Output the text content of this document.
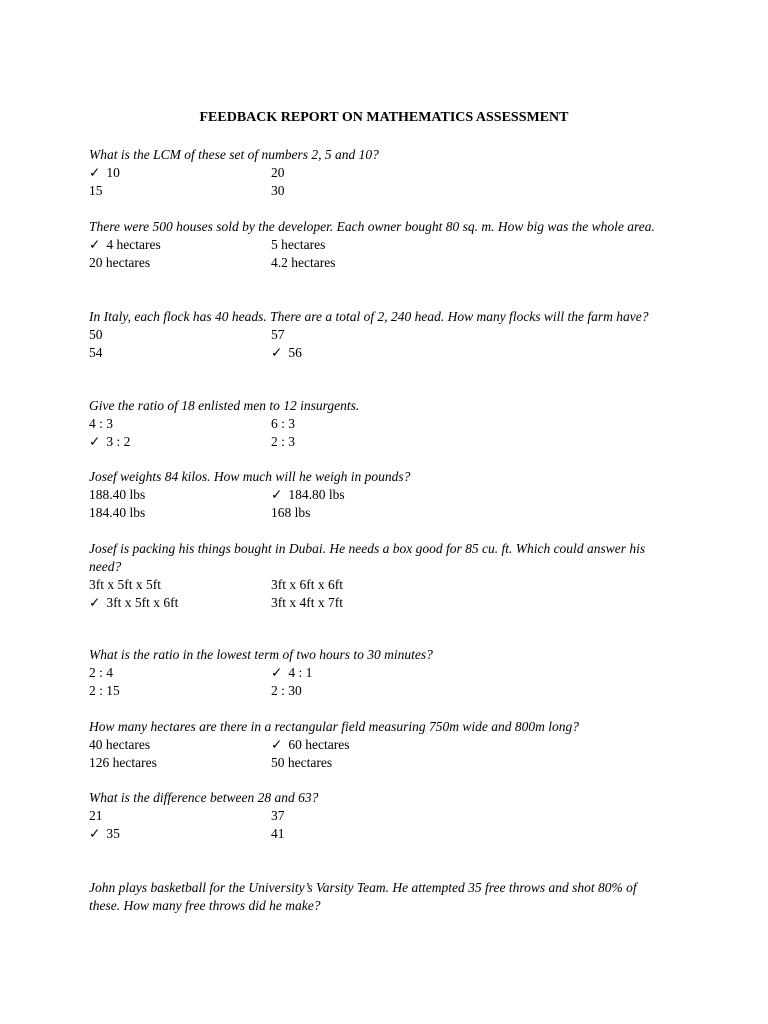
FEEDBACK REPORT ON MATHEMATICS ASSESSMENT
What is the LCM of these set of numbers 2, 5 and 10?
✓ 10	20
15	30
There were 500 houses sold by the developer. Each owner bought 80 sq. m. How big was the whole area.
✓ 4 hectares	5 hectares
20 hectares	4.2 hectares
In Italy, each flock has 40 heads. There are a total of 2, 240 head. How many flocks will the farm have?
50	57
54	✓ 56
Give the ratio of 18 enlisted men to 12 insurgents.
4 : 3	6 : 3
✓ 3 : 2	2 : 3
Josef weights 84 kilos. How much will he weigh in pounds?
188.40 lbs	✓ 184.80 lbs
184.40 lbs	168 lbs
Josef is packing his things bought in Dubai. He needs a box good for 85 cu. ft. Which could answer his need?
3ft x 5ft x 5ft	3ft x 6ft x 6ft
✓ 3ft x 5ft x 6ft	3ft x 4ft x 7ft
What is the ratio in the lowest term of two hours to 30 minutes?
2 : 4	✓ 4 : 1
2 : 15	2 : 30
How many hectares are there in a rectangular field measuring 750m wide and 800m long?
40 hectares	✓ 60 hectares
126 hectares	50 hectares
What is the difference between 28 and 63?
21	37
✓ 35	41
John plays basketball for the University’s Varsity Team. He attempted 35 free throws and shot 80% of these. How many free throws did he make?
